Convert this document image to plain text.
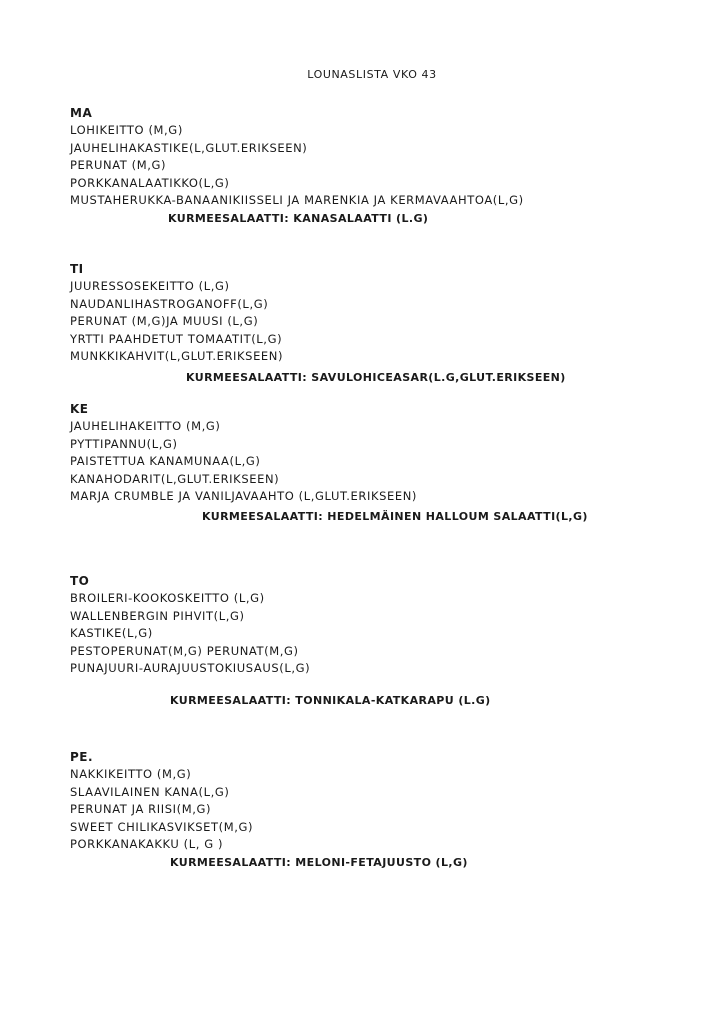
LOUNASLISTA VKO 43
MA
LOHIKEITTO (M,G)
JAUHELIHAKASTIKE(L,GLUT.ERIKSEEN)
PERUNAT (M,G)
PORKKANALAATIKKO(L,G)
MUSTAHERUKKA-BANAANIKIISSELI JA MARENKIA JA KERMAVAAHTOA(L,G)
KURMEESALAATTI: KANASALAATTI (L.G)
TI
JUURESSOSEKEITTO (L,G)
NAUDANLIHASTROGANOFF(L,G)
PERUNAT (M,G)JA MUUSI (L,G)
YRTTI PAAHDETUT TOMAATIT(L,G)
MUNKKIKAHVIT(L,GLUT.ERIKSEEN)
KURMEESALAATTI: SAVULOHICEASAR(L.G,GLUT.ERIKSEEN)
KE
JAUHELIHAKEITTO (M,G)
PYTTIPANNU(L,G)
PAISTETTUA KANAMUNAA(L,G)
KANAHODARIT(L,GLUT.ERIKSEEN)
MARJA CRUMBLE JA VANILJAVAAHTO (L,GLUT.ERIKSEEN)
KURMEESALAATTI: HEDELMÄINEN HALLOUM SALAATTI(L,G)
TO
BROILERI-KOOKOSKEITTO (L,G)
WALLENBERGIN PIHVIT(L,G)
KASTIKE(L,G)
PESTOPERUNAT(M,G) PERUNAT(M,G)
PUNAJUURI-AURAJUUSTOKIUSAUS(L,G)
KURMEESALAATTI: TONNIKALA-KATKARAPU (L.G)
PE.
NAKKIKEITTO (M,G)
SLAAVILAINEN KANA(L,G)
PERUNAT JA RIISI(M,G)
SWEET CHILIKASVIKSET(M,G)
PORKKANAKAKKU (L, G )
KURMEESALAATTI: MELONI-FETAJUUSTO (L,G)
